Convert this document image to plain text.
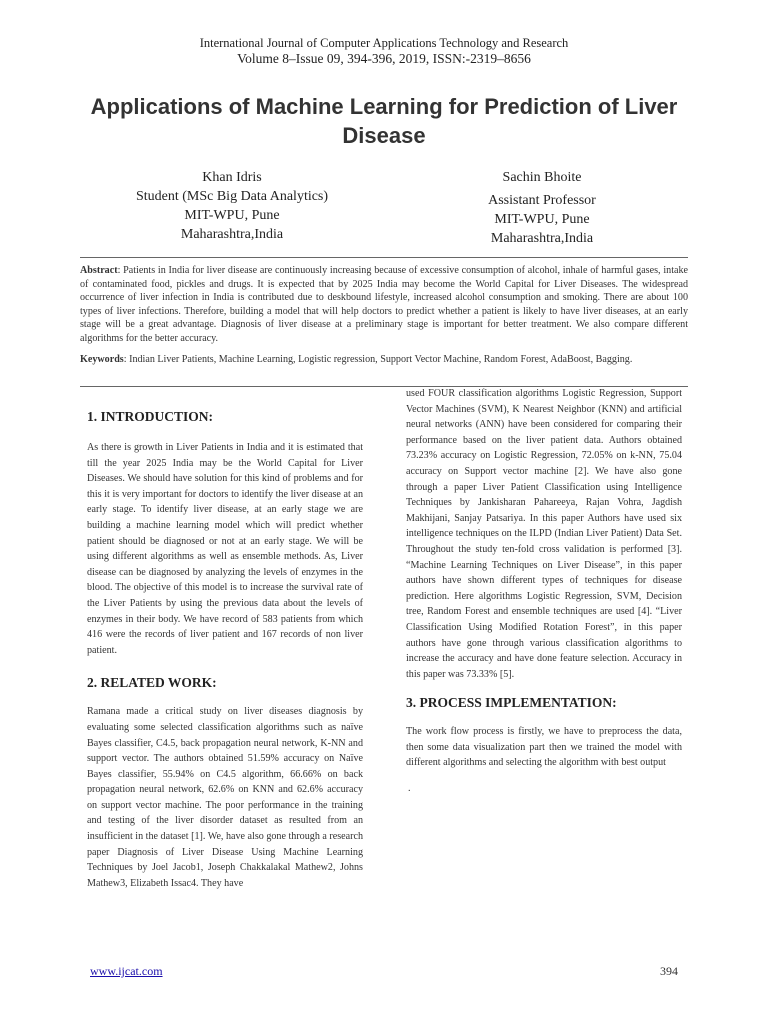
International Journal of Computer Applications Technology and Research
Volume 8–Issue 09, 394-396, 2019, ISSN:-2319–8656
Applications of Machine Learning for Prediction of Liver Disease
Khan Idris
Student (MSc Big Data Analytics)
MIT-WPU, Pune
Maharashtra,India
Sachin Bhoite
Assistant Professor
MIT-WPU, Pune
Maharashtra,India

Abstract: Patients in India for liver disease are continuously increasing because of excessive consumption of alcohol, inhale of harmful gases, intake of contaminated food, pickles and drugs. It is expected that by 2025 India may become the World Capital for Liver Diseases. The widespread occurrence of liver infection in India is contributed due to deskbound lifestyle, increased alcohol consumption and smoking. There are about 100 types of liver infections. Therefore, building a model that will help doctors to predict whether a patient is likely to have liver diseases, at an early stage will be a great advantage. Diagnosis of liver disease at a preliminary stage is important for better treatment. We also compare different algorithms for the better accuracy.

Keywords: Indian Liver Patients, Machine Learning, Logistic regression, Support Vector Machine, Random Forest, AdaBoost, Bagging.

1. INTRODUCTION:

As there is growth in Liver Patients in India and it is estimated that till the year 2025 India may be the World Capital for Liver Diseases. We should have solution for this kind of problems and for this it is very important for doctors to identify the liver disease at an early stage. To identify liver disease, at an early stage we are building a machine learning model which will predict whether patient should be diagnosed or not at an early stage. We will be using different algorithms as well as ensemble methods. As, Liver disease can be diagnosed by analyzing the levels of enzymes in the blood. The objective of this model is to increase the survival rate of the Liver Patients by using the previous data about the levels of enzymes in their body. We have record of 583 patients from which 416 were the records of liver patient and 167 records of non liver patient.

2. RELATED WORK:

Ramana made a critical study on liver diseases diagnosis by evaluating some selected classification algorithms such as naïve Bayes classifier, C4.5, back propagation neural network, K-NN and support vector. The authors obtained 51.59% accuracy on Naïve Bayes classifier, 55.94% on C4.5 algorithm, 66.66% on back propagation neural network, 62.6% on KNN and 62.6% accuracy on support vector machine. The poor performance in the training and testing of the liver disorder dataset as resulted from an insufficient in the dataset [1]. We, have also gone through a research paper Diagnosis of Liver Disease Using Machine Learning Techniques by Joel Jacob1, Joseph Chakkalakal Mathew2, Johns Mathew3, Elizabeth Issac4. They have

used FOUR classification algorithms Logistic Regression, Support Vector Machines (SVM), K Nearest Neighbor (KNN) and artificial neural networks (ANN) have been considered for comparing their performance based on the liver patient data. Authors obtained 73.23% accuracy on Logistic Regression, 72.05% on k-NN, 75.04 accuracy on Support vector machine [2]. We have also gone through a paper Liver Patient Classification using Intelligence Techniques by Jankisharan Pahareeya, Rajan Vohra, Jagdish Makhijani, Sanjay Patsariya. In this paper Authors have used six intelligence techniques on the ILPD (Indian Liver Patient) Data Set. Throughout the study ten-fold cross validation is performed [3]. “Machine Learning Techniques on Liver Disease”, in this paper authors have shown different types of techniques for disease prediction. Here algorithms Logistic Regression, SVM, Decision tree, Random Forest and ensemble techniques are used [4]. “Liver Classification Using Modified Rotation Forest”, in this paper authors have gone through various classification algorithms to increase the accuracy and have done feature selection. Accuracy in this paper was 73.33% [5].

3. PROCESS IMPLEMENTATION:

The work flow process is firstly, we have to preprocess the data, then some data visualization part then we trained the model with different algorithms and selecting the algorithm with best output

.

www.ijcat.com	394
